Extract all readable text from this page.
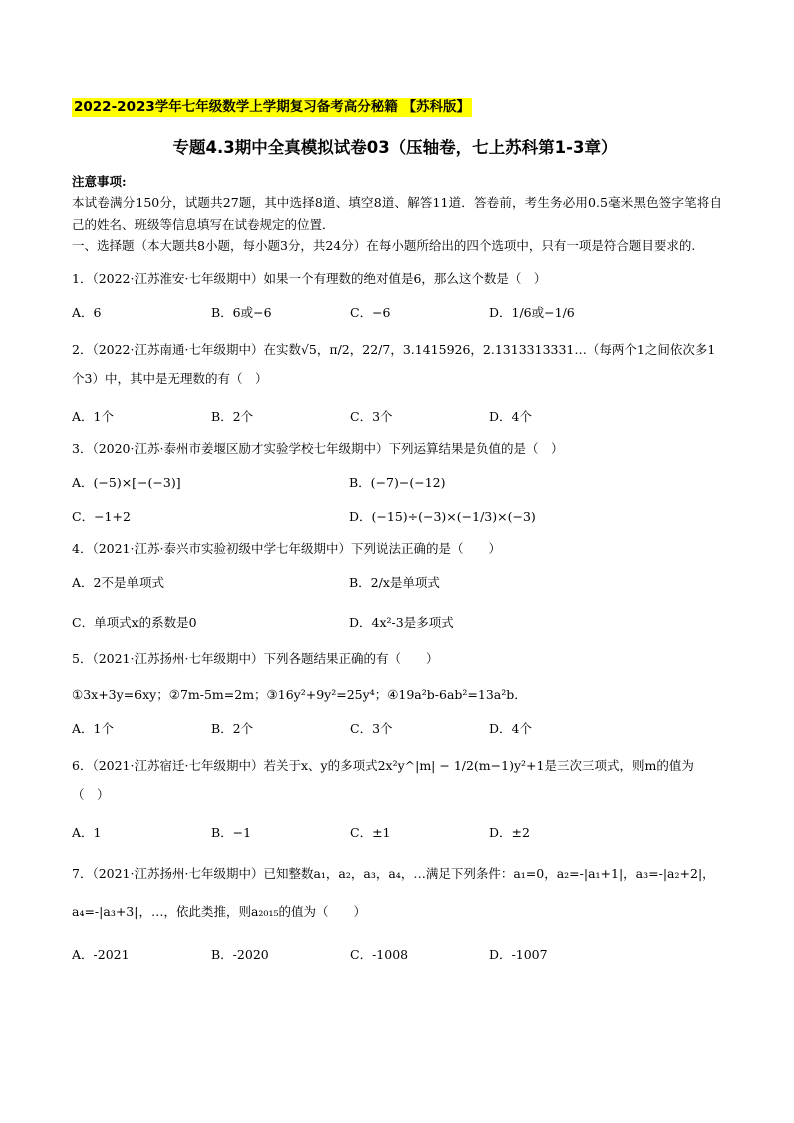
2022-2023学年七年级数学上学期复习备考高分秘籍 【苏科版】
专题4.3期中全真模拟试卷03（压轴卷，七上苏科第1-3章）
注意事项:
本试卷满分150分，试题共27题，其中选择8道、填空8道、解答11道．答卷前，考生务必用0.5毫米黑色签字笔将自己的姓名、班级等信息填写在试卷规定的位置．
一、选择题（本大题共8小题，每小题3分，共24分）在每小题所给出的四个选项中，只有一项是符合题目要求的.
1．（2022·江苏淮安·七年级期中）如果一个有理数的绝对值是6，那么这个数是（　）
A．6	B．6或−6	C．−6	D．1/6或−1/6
2．（2022·江苏南通·七年级期中）在实数√5，π/2，22/7，3.1415926，2.1313313331…（每两个1之间依次多1个3）中，其中是无理数的有（　）
A．1个	B．2个	C．3个	D．4个
3．（2020·江苏·泰州市姜堰区励才实验学校七年级期中）下列运算结果是负值的是（　）
A．(−5)×[−(−3)]	B．(−7)−(−12)
C．−1+2	D．(−15)÷(−3)×(−1/3)×(−3)
4．（2021·江苏·泰兴市实验初级中学七年级期中）下列说法正确的是（　　）
A．2不是单项式	B．2/x是单项式
C．单项式x的系数是0	D．4x²-3是多项式
5．（2021·江苏扬州·七年级期中）下列各题结果正确的有（　　）
①3x+3y=6xy；②7m-5m=2m；③16y²+9y²=25y⁴；④19a²b-6ab²=13a²b．
A．1个	B．2个	C．3个	D．4个
6．（2021·江苏宿迁·七年级期中）若关于x、y的多项式2x²y^|m| − 1/2(m−1)y²+1是三次三项式，则m的值为（　）
A．1	B．−1	C．±1	D．±2
7．（2021·江苏扬州·七年级期中）已知整数a₁，a₂，a₃，a₄，…满足下列条件：a₁=0，a₂=-|a₁+1|，a₃=-|a₂+2|，a₄=-|a₃+3|，…，依此类推，则a₂₀₁₅的值为（　　）
A．-2021	B．-2020	C．-1008	D．-1007
